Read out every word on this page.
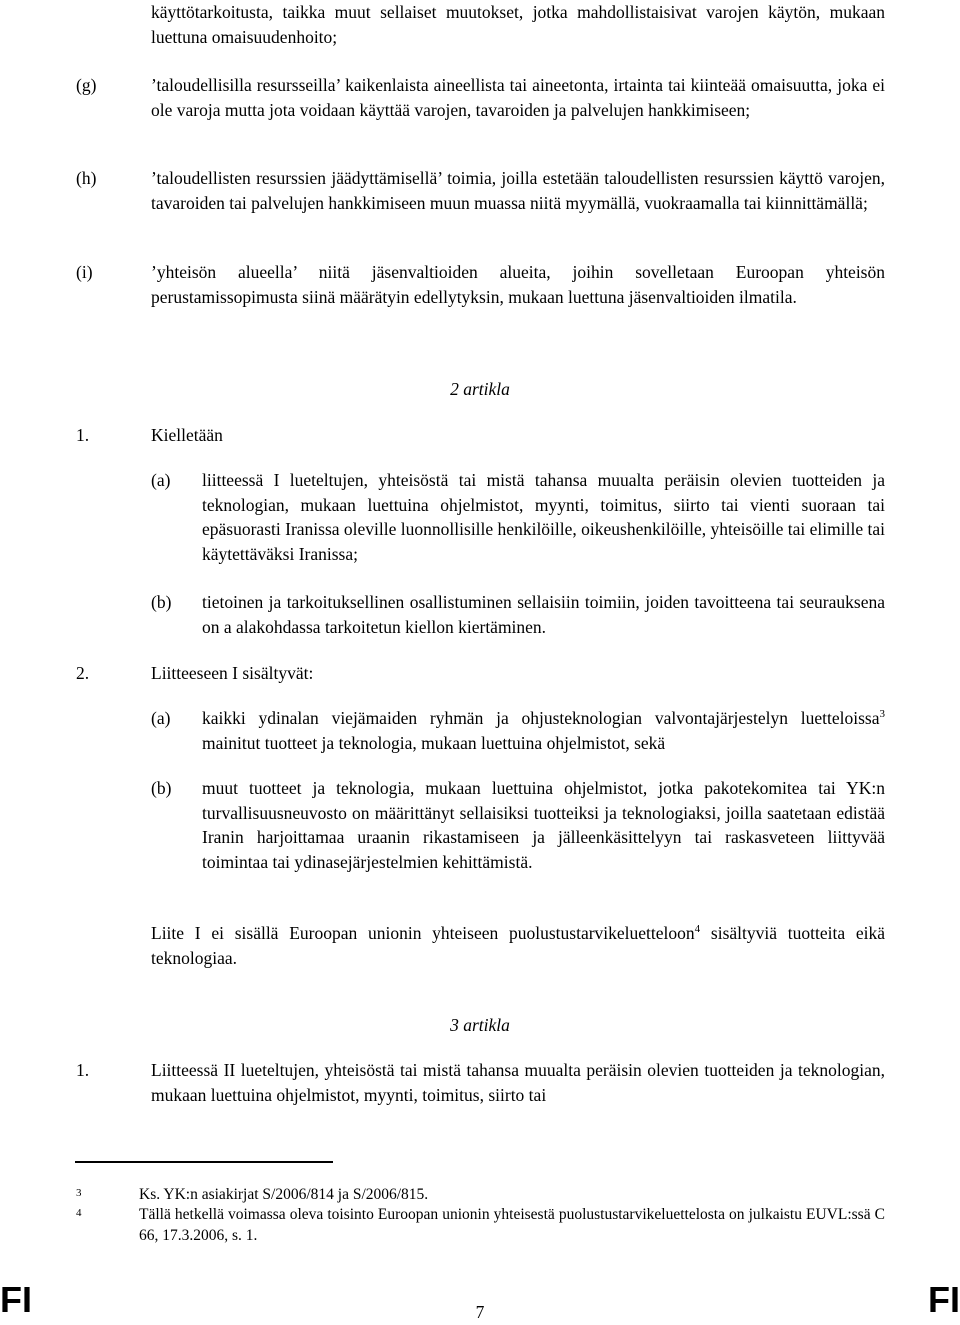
käyttötarkoitusta, taikka muut sellaiset muutokset, jotka mahdollistaisivat varojen käytön, mukaan luettuna omaisuudenhoito;
(g)	’taloudellisilla resursseilla’ kaikenlaista aineellista tai aineetonta, irtainta tai kiinteää omaisuutta, joka ei ole varoja mutta jota voidaan käyttää varojen, tavaroiden ja palvelujen hankkimiseen;
(h)	’taloudellisten resurssien jäädyttämisellä’ toimia, joilla estetään taloudellisten resurssien käyttö varojen, tavaroiden tai palvelujen hankkimiseen muun muassa niitä myymällä, vuokraamalla tai kiinnittämällä;
(i)	’yhteisön alueella’ niitä jäsenvaltioiden alueita, joihin sovelletaan Euroopan yhteisön perustamissopimusta siinä määrätyin edellytyksin, mukaan luettuna jäsenvaltioiden ilmatila.
2 artikla
1.	Kielletään
(a) liitteessä I lueteltujen, yhteisöstä tai mistä tahansa muualta peräisin olevien tuotteiden ja teknologian, mukaan luettuina ohjelmistot, myynti, toimitus, siirto tai vienti suoraan tai epäsuorasti Iranissa oleville luonnollisille henkilöille, oikeushenkilöille, yhteisöille tai elimille tai käytettäväksi Iranissa;
(b) tietoinen ja tarkoituksellinen osallistuminen sellaisiin toimiin, joiden tavoitteena tai seurauksena on a alakohdassa tarkoitetun kiellon kiertäminen.
2.	Liitteeseen I sisältyvät:
(a) kaikki ydinalan viejämaiden ryhmän ja ohjusteknologian valvontajärjestelyn luetteloissa$^3$ mainitut tuotteet ja teknologia, mukaan luettuina ohjelmistot, sekä
(b) muut tuotteet ja teknologia, mukaan luettuina ohjelmistot, jotka pakotekomitea tai YK:n turvallisuusneuvosto on määrittänyt sellaisiksi tuotteiksi ja teknologiaksi, joilla saatetaan edistää Iranin harjoittamaa uraanin rikastamiseen ja jälleenkäsittelyyn tai raskasveteen liittyvää toimintaa tai ydinasejärjestelmien kehittämistä.
Liite I ei sisällä Euroopan unionin yhteiseen puolustustarvikeluetteloon$^4$ sisältyviä tuotteita eikä teknologiaa.
3 artikla
1.	Liitteessä II lueteltujen, yhteisöstä tai mistä tahansa muualta peräisin olevien tuotteiden ja teknologian, mukaan luettuina ohjelmistot, myynti, toimitus, siirto tai
3	Ks. YK:n asiakirjat S/2006/814 ja S/2006/815.
4	Tällä hetkellä voimassa oleva toisinto Euroopan unionin yhteisestä puolustustarvikeluettelosta on julkaistu EUVL:ssä C 66, 17.3.2006, s. 1.
FI	7	FI
